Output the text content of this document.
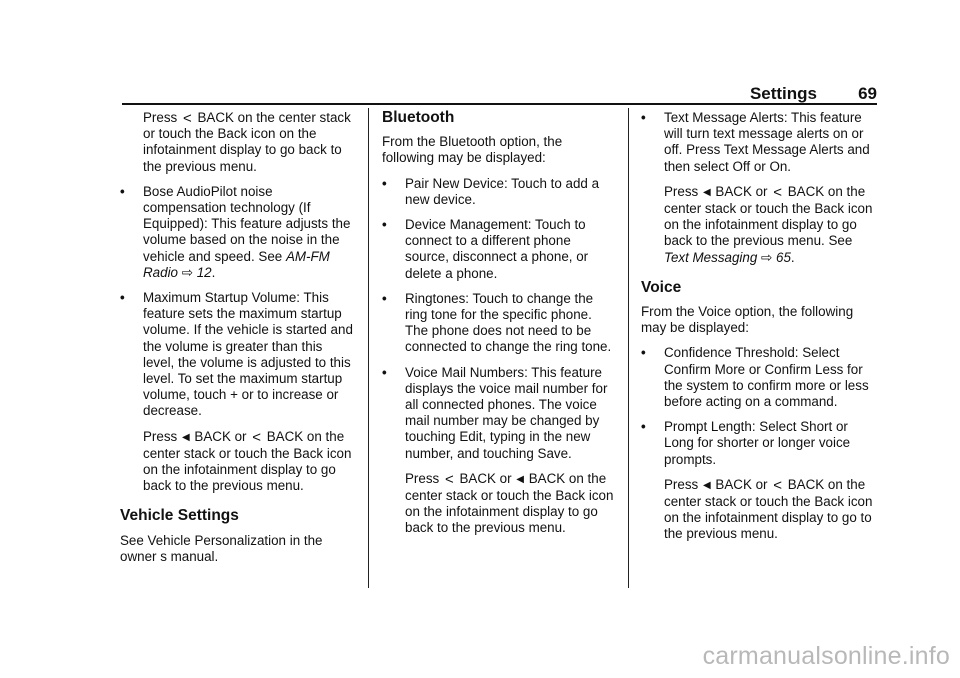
Settings 69

Press < BACK on the center stack or touch the Back icon on the infotainment display to go back to the previous menu.

• Bose AudioPilot noise compensation technology (If Equipped): This feature adjusts the volume based on the noise in the vehicle and speed. See AM-FM Radio ⇨ 12.
• Maximum Startup Volume: This feature sets the maximum startup volume. If the vehicle is started and the volume is greater than this level, the volume is adjusted to this level. To set the maximum startup volume, touch + or to increase or decrease.

Press ◀ BACK or < BACK on the center stack or touch the Back icon on the infotainment display to go back to the previous menu.

Vehicle Settings

See Vehicle Personalization in the owner s manual.

Bluetooth

From the Bluetooth option, the following may be displayed:

• Pair New Device: Touch to add a new device.
• Device Management: Touch to connect to a different phone source, disconnect a phone, or delete a phone.
• Ringtones: Touch to change the ring tone for the specific phone. The phone does not need to be connected to change the ring tone.
• Voice Mail Numbers: This feature displays the voice mail number for all connected phones. The voice mail number may be changed by touching Edit, typing in the new number, and touching Save.

Press < BACK or ◀ BACK on the center stack or touch the Back icon on the infotainment display to go back to the previous menu.

• Text Message Alerts: This feature will turn text message alerts on or off. Press Text Message Alerts and then select Off or On.

Press ◀ BACK or < BACK on the center stack or touch the Back icon on the infotainment display to go back to the previous menu. See Text Messaging ⇨ 65.

Voice

From the Voice option, the following may be displayed:

• Confidence Threshold: Select Confirm More or Confirm Less for the system to confirm more or less before acting on a command.
• Prompt Length: Select Short or Long for shorter or longer voice prompts.

Press ◀ BACK or < BACK on the center stack or touch the Back icon on the infotainment display to go to the previous menu.

carmanualsonline.info
